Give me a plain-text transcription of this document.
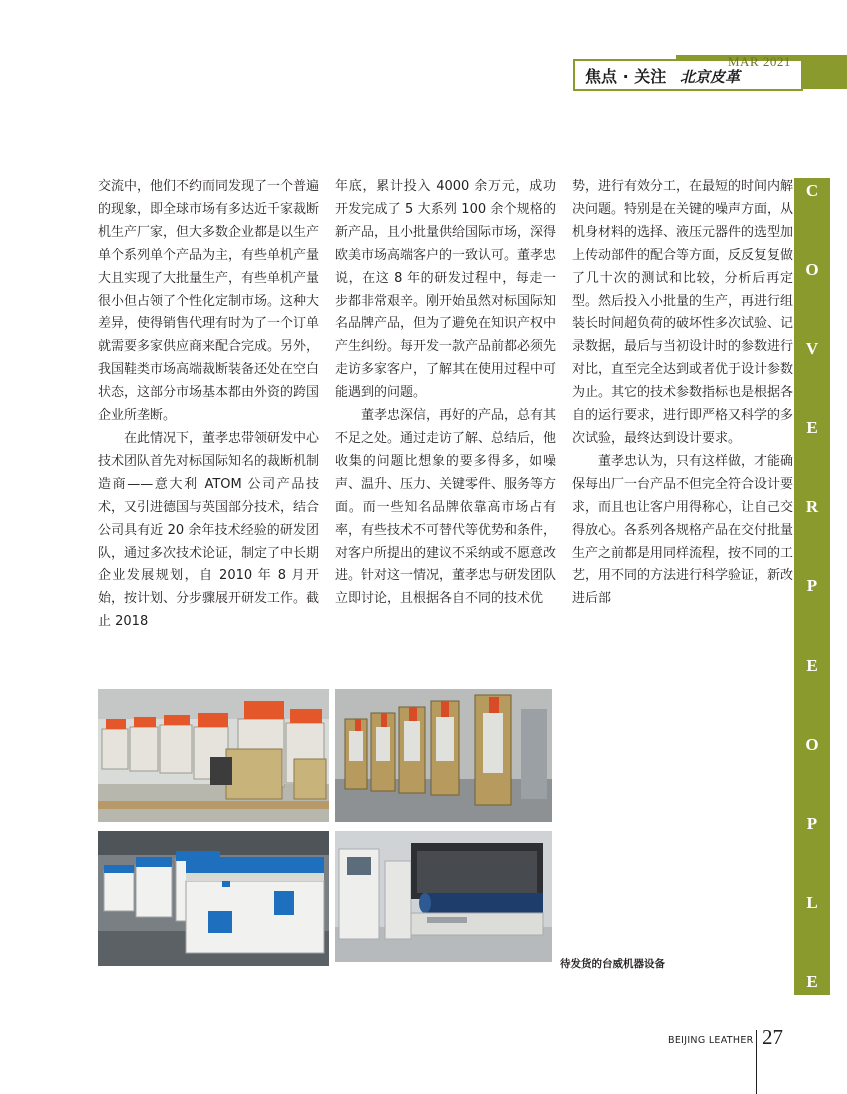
焦点 · 关注
MAR 2021
北京皮革
C
O
V
E
R
P
E
O
P
L
E

交流中，他们不约而同发现了一个普遍的现象，即全球市场有多达近千家裁断机生产厂家，但大多数企业都是以生产单个系列单个产品为主，有些单机产量大且实现了大批量生产，有些单机产量很小但占领了个性化定制市场。这种大差异，使得销售代理有时为了一个订单就需要多家供应商来配合完成。另外，我国鞋类市场高端裁断装备还处在空白状态，这部分市场基本都由外资的跨国企业所垄断。

在此情况下，董孝忠带领研发中心技术团队首先对标国际知名的裁断机制造商——意大利 ATOM 公司产品技术，又引进德国与英国部分技术，结合公司具有近 20 余年技术经验的研发团队，通过多次技术论证，制定了中长期企业发展规划，自 2010 年 8 月开始，按计划、分步骤展开研发工作。截止 2018

年底，累计投入 4000 余万元，成功开发完成了 5 大系列 100 余个规格的新产品，且小批量供给国际市场，深得欧美市场高端客户的一致认可。董孝忠说，在这 8 年的研发过程中，每走一步都非常艰辛。刚开始虽然对标国际知名品牌产品，但为了避免在知识产权中产生纠纷。每开发一款产品前都必须先走访多家客户，了解其在使用过程中可能遇到的问题。

董孝忠深信，再好的产品，总有其不足之处。通过走访了解、总结后，他收集的问题比想象的要多得多，如噪声、温升、压力、关键零件、服务等方面。而一些知名品牌依靠高市场占有率，有些技术不可替代等优势和条件，对客户所提出的建议不采纳或不愿意改进。针对这一情况，董孝忠与研发团队立即讨论，且根据各自不同的技术优

势，进行有效分工，在最短的时间内解决问题。特别是在关键的噪声方面，从机身材料的选择、液压元器件的选型加上传动部件的配合等方面，反反复复做了几十次的测试和比较，分析后再定型。然后投入小批量的生产，再进行组装长时间超负荷的破坏性多次试验、记录数据，最后与当初设计时的参数进行对比，直至完全达到或者优于设计参数为止。其它的技术参数指标也是根据各自的运行要求，进行即严格又科学的多次试验，最终达到设计要求。

董孝忠认为，只有这样做，才能确保每出厂一台产品不但完全符合设计要求，而且也让客户用得称心，让自己交得放心。各系列各规格产品在交付批量生产之前都是用同样流程，按不同的工艺，用不同的方法进行科学验证，新改进后部

待发货的台威机器设备
BEIJING LEATHER 27
